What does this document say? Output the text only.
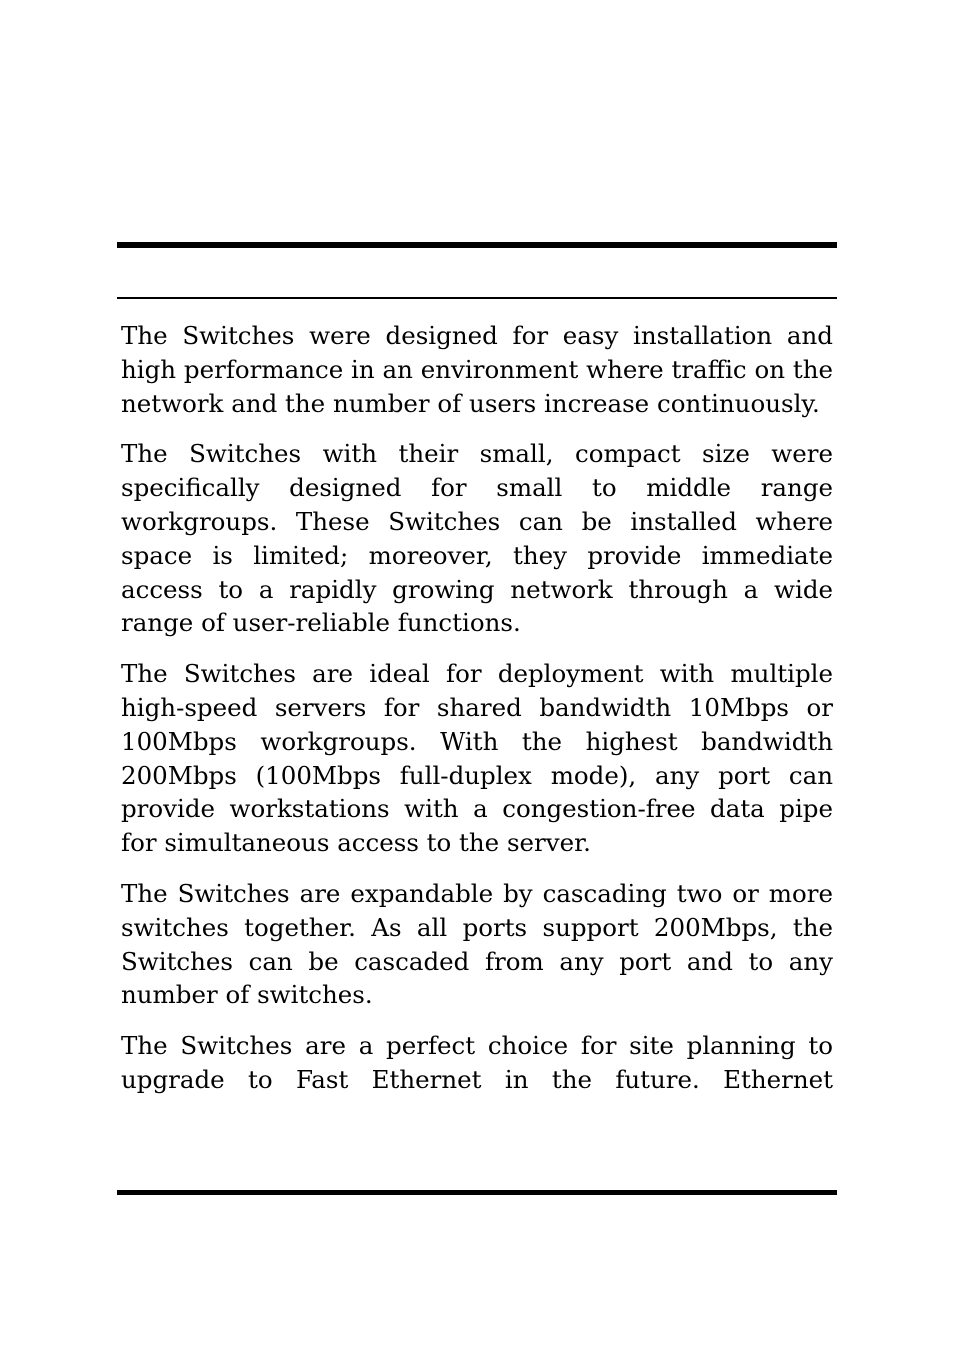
The Switches were designed for easy installation and high performance in an environment where traffic on the network and the number of users increase continuously.

The Switches with their small, compact size were specifically designed for small to middle range workgroups. These Switches can be installed where space is limited; moreover, they provide immediate access to a rapidly growing network through a wide range of user-reliable functions.

The Switches are ideal for deployment with multiple high-speed servers for shared bandwidth 10Mbps or 100Mbps workgroups. With the highest bandwidth 200Mbps (100Mbps full-duplex mode), any port can provide workstations with a congestion-free data pipe for simultaneous access to the server.

The Switches are expandable by cascading two or more switches together. As all ports support 200Mbps, the Switches can be cascaded from any port and to any number of switches.

The Switches are a perfect choice for site planning to upgrade to Fast Ethernet in the future. Ethernet
